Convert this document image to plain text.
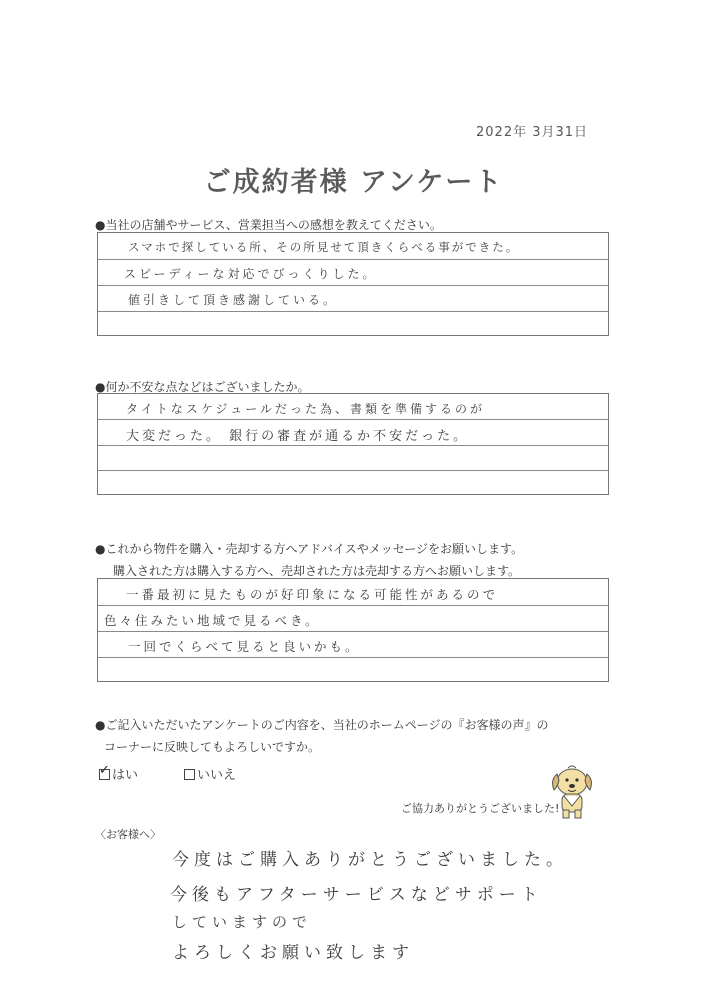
2022年 3月31日
ご成約者様 アンケート
●当社の店舗やサービス、営業担当への感想を教えてください。
スマホで探している所、その所見せて頂きくらべる事ができた。
スピーディーな対応でびっくりした。
値引きして頂き感謝している。
●何か不安な点などはございましたか。
タイトなスケジュールだった為、書類を準備するのが
大変だった。 銀行の審査が通るか不安だった。
●これから物件を購入・売却する方へアドバイスやメッセージをお願いします。
購入された方は購入する方へ、売却された方は売却する方へお願いします。
一番最初に見たものが好印象になる可能性があるので
色々住みたい地域で見るべき。
一回でくらべて見ると良いかも。
●ご記入いただいたアンケートのご内容を、当社のホームページの『お客様の声』の
コーナーに反映してもよろしいですか。
✓ はい	いいえ
ご協力ありがとうございました!
〈お客様へ〉
今度はご購入ありがとうございました。
今後もアフターサービスなどサポート
していますので
よろしくお願い致します
